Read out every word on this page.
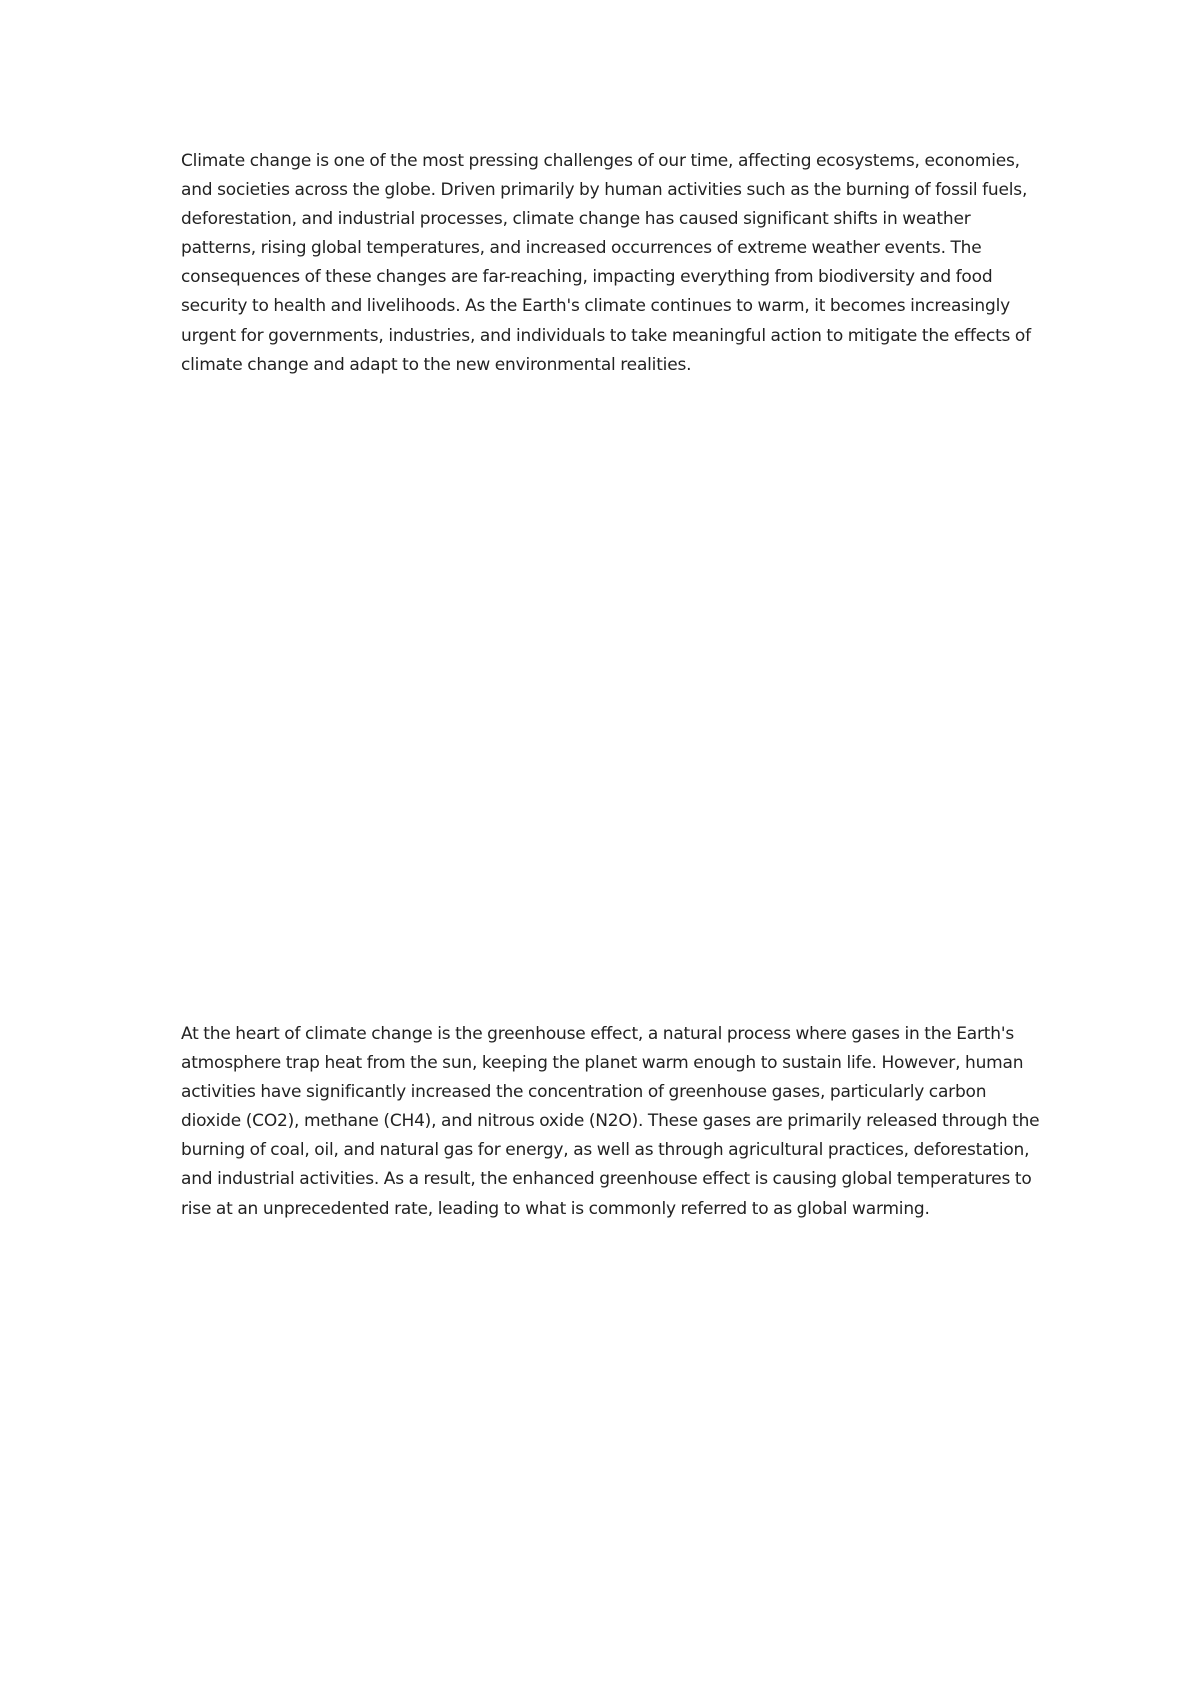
Climate change is one of the most pressing challenges of our time, affecting ecosystems, economies, and societies across the globe. Driven primarily by human activities such as the burning of fossil fuels, deforestation, and industrial processes, climate change has caused significant shifts in weather patterns, rising global temperatures, and increased occurrences of extreme weather events. The consequences of these changes are far-reaching, impacting everything from biodiversity and food security to health and livelihoods. As the Earth's climate continues to warm, it becomes increasingly urgent for governments, industries, and individuals to take meaningful action to mitigate the effects of climate change and adapt to the new environmental realities.

At the heart of climate change is the greenhouse effect, a natural process where gases in the Earth's atmosphere trap heat from the sun, keeping the planet warm enough to sustain life. However, human activities have significantly increased the concentration of greenhouse gases, particularly carbon dioxide (CO2), methane (CH4), and nitrous oxide (N2O). These gases are primarily released through the burning of coal, oil, and natural gas for energy, as well as through agricultural practices, deforestation, and industrial activities. As a result, the enhanced greenhouse effect is causing global temperatures to rise at an unprecedented rate, leading to what is commonly referred to as global warming.
